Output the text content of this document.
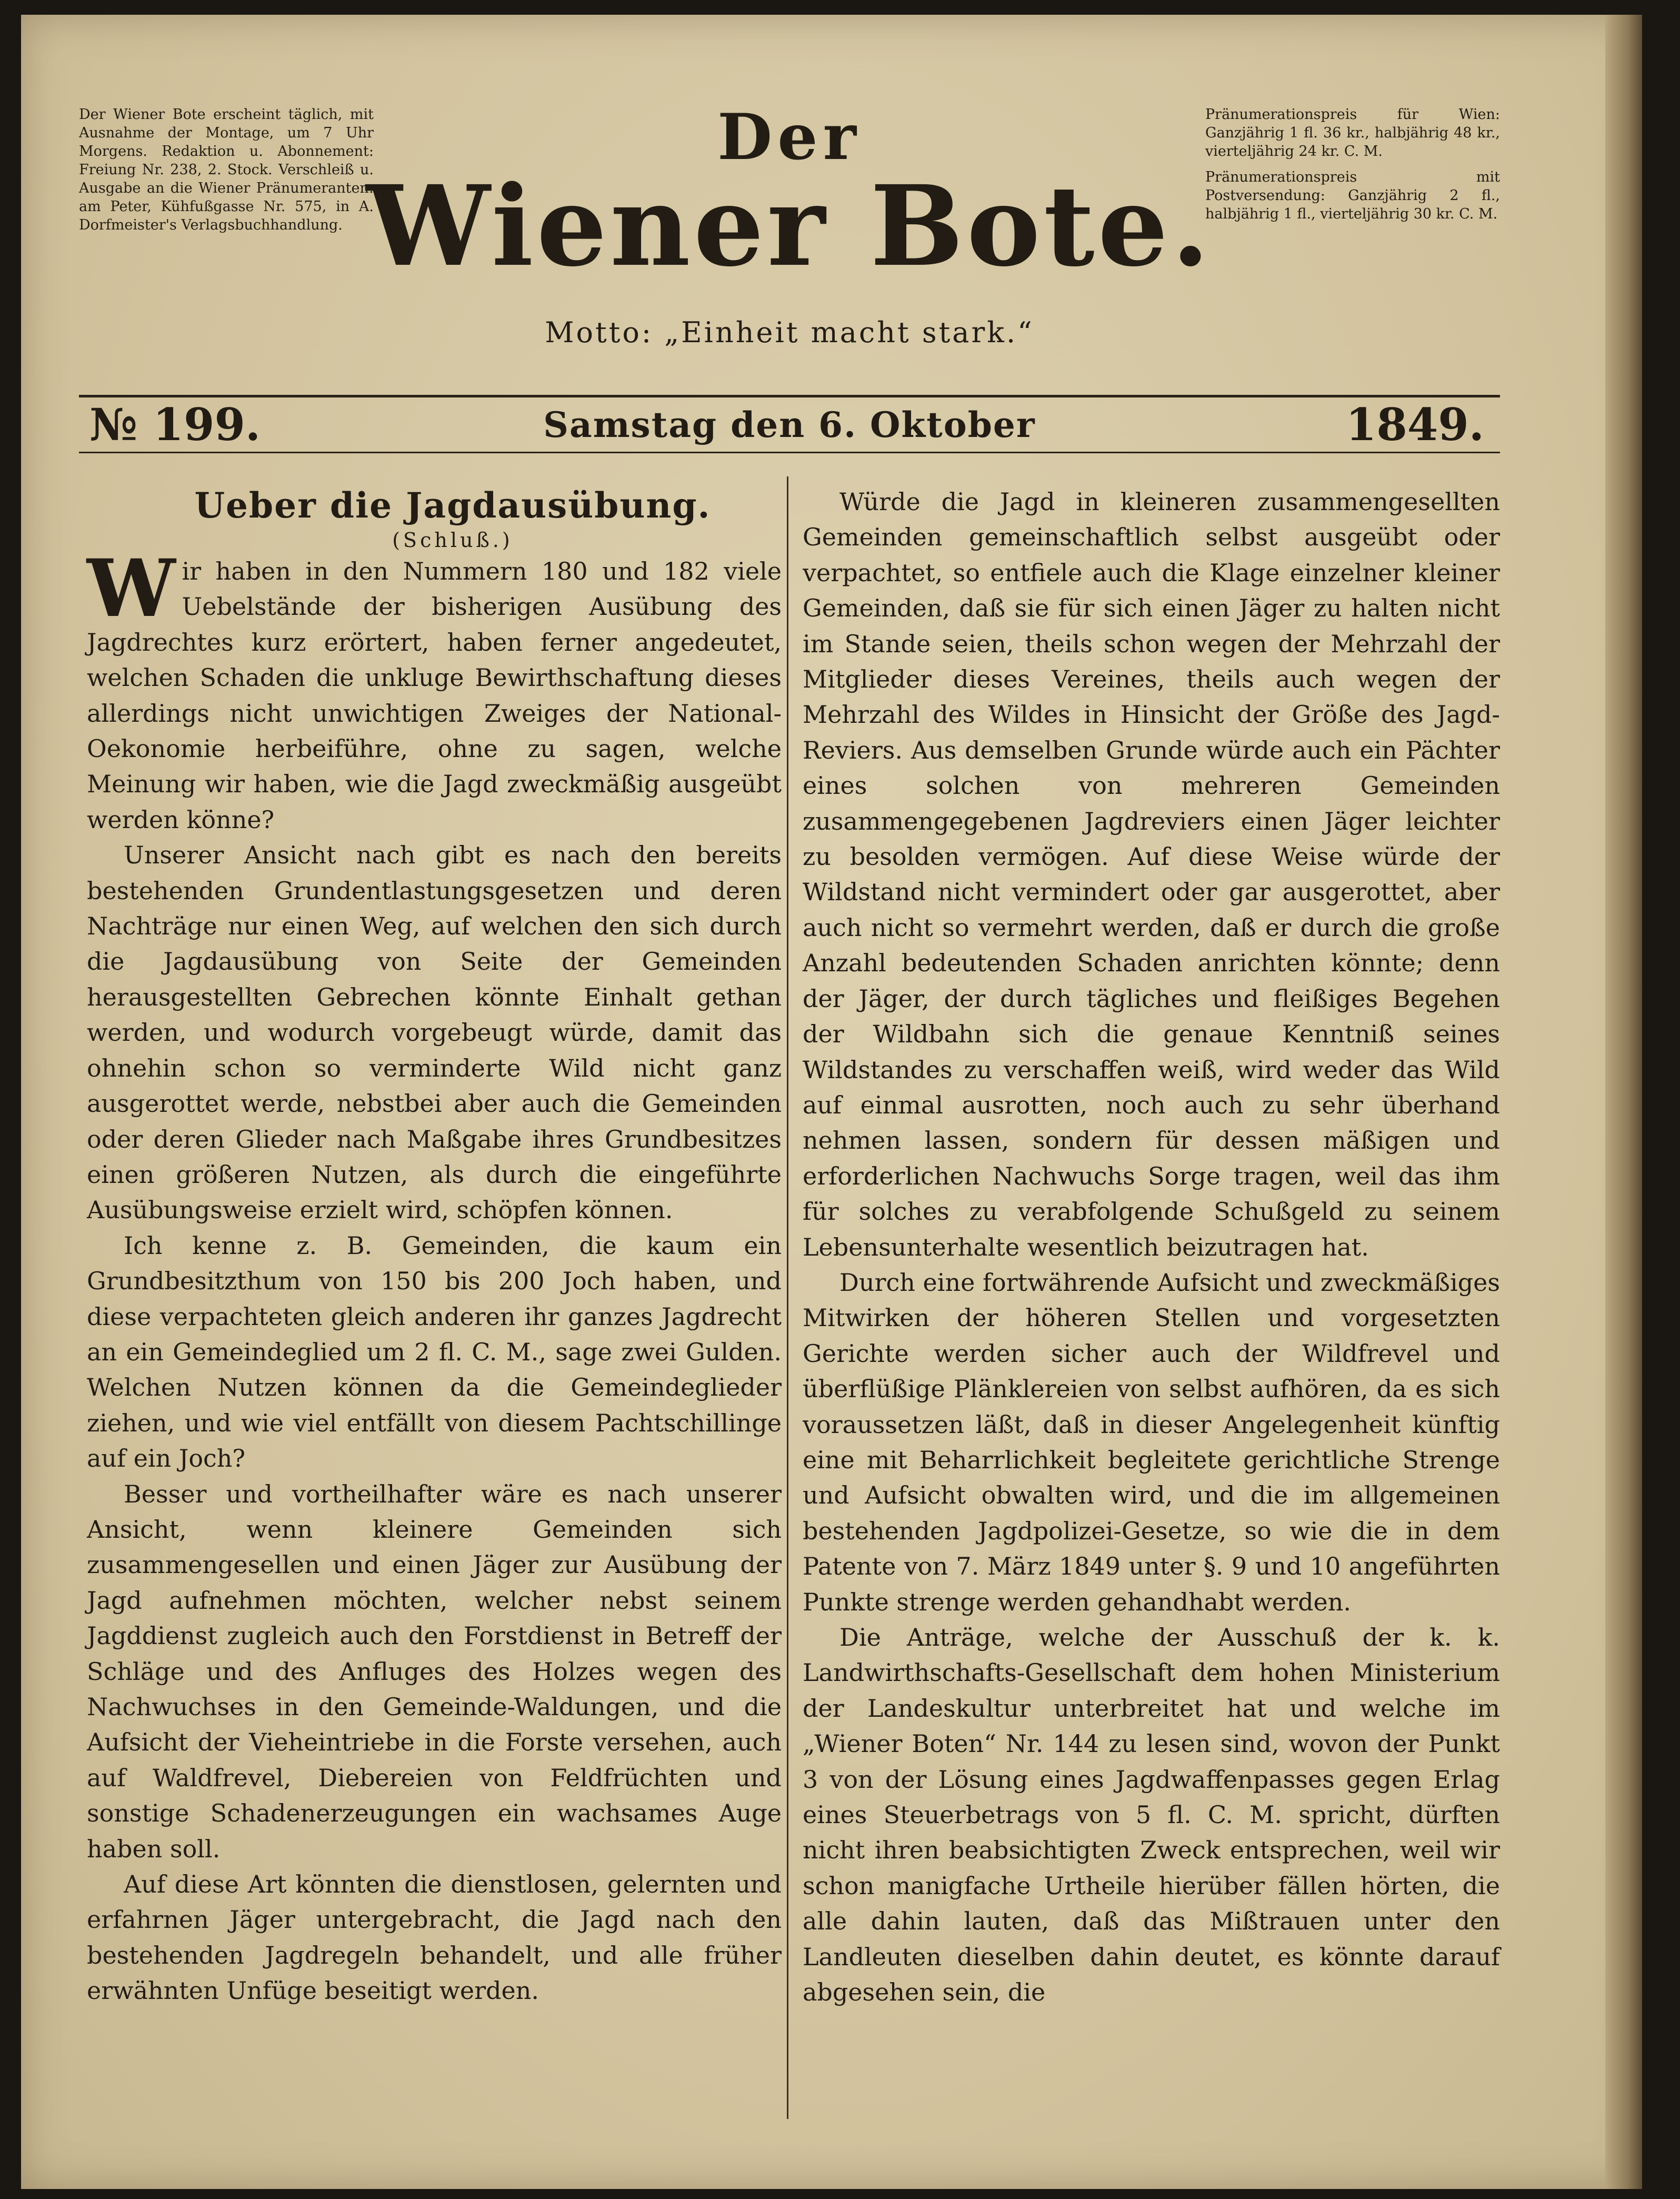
Der Wiener Bote erscheint täglich, mit Ausnahme der Montage, um 7 Uhr Morgens. Redaktion u. Abonnement: Freiung Nr. 238, 2. Stock. Verschleiß u. Ausgabe an die Wiener Pränumeranten: am Peter, Kühfußgasse Nr. 575, in A. Dorfmeister's Verlagsbuchhandlung.

Der
Wiener Bote.
Motto: „Einheit macht stark.“

Pränumerationspreis für Wien: Ganzjährig 1 fl. 36 kr., halbjährig 48 kr., vierteljährig 24 kr. C. M.

Pränumerationspreis mit Postversendung: Ganzjährig 2 fl., halbjährig 1 fl., vierteljährig 30 kr. C. M.

№ 199.	Samstag den 6. Oktober	1849.

Ueber die Jagdausübung.

(Schluß.)

Wir haben in den Nummern 180 und 182 viele Uebelstände der bisherigen Ausübung des Jagdrechtes kurz erörtert, haben ferner angedeutet, welchen Schaden die unkluge Bewirthschaftung dieses allerdings nicht unwichtigen Zweiges der National-Oekonomie herbeiführe, ohne zu sagen, welche Meinung wir haben, wie die Jagd zweckmäßig ausgeübt werden könne?

Unserer Ansicht nach gibt es nach den bereits bestehenden Grundentlastungsgesetzen und deren Nachträge nur einen Weg, auf welchen den sich durch die Jagdausübung von Seite der Gemeinden herausgestellten Gebrechen könnte Einhalt gethan werden, und wodurch vorgebeugt würde, damit das ohnehin schon so verminderte Wild nicht ganz ausgerottet werde, nebstbei aber auch die Gemeinden oder deren Glieder nach Maßgabe ihres Grundbesitzes einen größeren Nutzen, als durch die eingeführte Ausübungsweise erzielt wird, schöpfen können.

Ich kenne z. B. Gemeinden, die kaum ein Grundbesitzthum von 150 bis 200 Joch haben, und diese verpachteten gleich anderen ihr ganzes Jagdrecht an ein Gemeindeglied um 2 fl. C. M., sage zwei Gulden. Welchen Nutzen können da die Gemeindeglieder ziehen, und wie viel entfällt von diesem Pachtschillinge auf ein Joch?

Besser und vortheilhafter wäre es nach unserer Ansicht, wenn kleinere Gemeinden sich zusammengesellen und einen Jäger zur Ausübung der Jagd aufnehmen möchten, welcher nebst seinem Jagddienst zugleich auch den Forstdienst in Betreff der Schläge und des Anfluges des Holzes wegen des Nachwuchses in den Gemeinde-Waldungen, und die Aufsicht der Vieheintriebe in die Forste versehen, auch auf Waldfrevel, Diebereien von Feldfrüchten und sonstige Schadenerzeugungen ein wachsames Auge haben soll.

Auf diese Art könnten die dienstlosen, gelernten und erfahrnen Jäger untergebracht, die Jagd nach den bestehenden Jagdregeln behandelt, und alle früher erwähnten Unfüge beseitigt werden.

Würde die Jagd in kleineren zusammengesellten Gemeinden gemeinschaftlich selbst ausgeübt oder verpachtet, so entfiele auch die Klage einzelner kleiner Gemeinden, daß sie für sich einen Jäger zu halten nicht im Stande seien, theils schon wegen der Mehrzahl der Mitglieder dieses Vereines, theils auch wegen der Mehrzahl des Wildes in Hinsicht der Größe des Jagd-Reviers. Aus demselben Grunde würde auch ein Pächter eines solchen von mehreren Gemeinden zusammengegebenen Jagdreviers einen Jäger leichter zu besolden vermögen. Auf diese Weise würde der Wildstand nicht vermindert oder gar ausgerottet, aber auch nicht so vermehrt werden, daß er durch die große Anzahl bedeutenden Schaden anrichten könnte; denn der Jäger, der durch tägliches und fleißiges Begehen der Wildbahn sich die genaue Kenntniß seines Wildstandes zu verschaffen weiß, wird weder das Wild auf einmal ausrotten, noch auch zu sehr überhand nehmen lassen, sondern für dessen mäßigen und erforderlichen Nachwuchs Sorge tragen, weil das ihm für solches zu verabfolgende Schußgeld zu seinem Lebensunterhalte wesentlich beizutragen hat.

Durch eine fortwährende Aufsicht und zweckmäßiges Mitwirken der höheren Stellen und vorgesetzten Gerichte werden sicher auch der Wildfrevel und überflüßige Plänklereien von selbst aufhören, da es sich voraussetzen läßt, daß in dieser Angelegenheit künftig eine mit Beharrlichkeit begleitete gerichtliche Strenge und Aufsicht obwalten wird, und die im allgemeinen bestehenden Jagdpolizei-Gesetze, so wie die in dem Patente von 7. März 1849 unter §. 9 und 10 angeführten Punkte strenge werden gehandhabt werden.

Die Anträge, welche der Ausschuß der k. k. Landwirthschafts-Gesellschaft dem hohen Ministerium der Landeskultur unterbreitet hat und welche im „Wiener Boten“ Nr. 144 zu lesen sind, wovon der Punkt 3 von der Lösung eines Jagdwaffenpasses gegen Erlag eines Steuerbetrags von 5 fl. C. M. spricht, dürften nicht ihren beabsichtigten Zweck entsprechen, weil wir schon manigfache Urtheile hierüber fällen hörten, die alle dahin lauten, daß das Mißtrauen unter den Landleuten dieselben dahin deutet, es könnte darauf abgesehen sein, die
